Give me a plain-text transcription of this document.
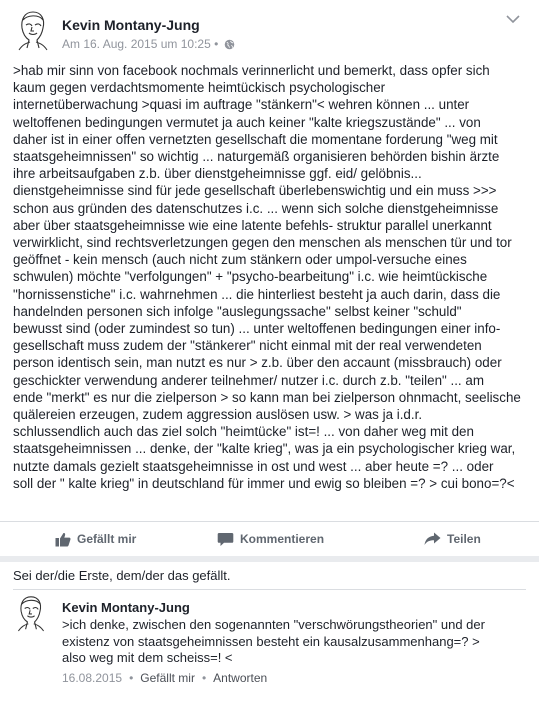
Kevin Montany-Jung
Am 16. Aug. 2015 um 10:25 •
>hab mir sinn von facebook nochmals verinnerlicht und bemerkt, dass opfer sich
kaum gegen verdachtsmomente heimtückisch psychologischer
internetüberwachung >quasi im auftrage "stänkern"< wehren können ... unter
weltoffenen bedingungen vermutet ja auch keiner "kalte kriegszustände" ... von
daher ist in einer offen vernetzten gesellschaft die momentane forderung "weg mit
staatsgeheimnissen" so wichtig ... naturgemäß organisieren behörden bishin ärzte
ihre arbeitsaufgaben z.b. über dienstgeheimnisse ggf. eid/ gelöbnis...
dienstgeheimnisse sind für jede gesellschaft überlebenswichtig und ein muss >>>
schon aus gründen des datenschutzes i.c. ... wenn sich solche dienstgeheimnisse
aber über staatsgeheimnisse wie eine latente befehls- struktur parallel unerkannt
verwirklicht, sind rechtsverletzungen gegen den menschen als menschen tür und tor
geöffnet - kein mensch (auch nicht zum stänkern oder umpol-versuche eines
schwulen) möchte "verfolgungen" + "psycho-bearbeitung" i.c. wie heimtückische
"hornissenstiche" i.c. wahrnehmen ... die hinterliest besteht ja auch darin, dass die
handelnden personen sich infolge "auslegungssache" selbst keiner "schuld"
bewusst sind (oder zumindest so tun) ... unter weltoffenen bedingungen einer info-
gesellschaft muss zudem der "stänkerer" nicht einmal mit der real verwendeten
person identisch sein, man nutzt es nur > z.b. über den accaunt (missbrauch) oder
geschickter verwendung anderer teilnehmer/ nutzer i.c. durch z.b. "teilen" ... am
ende "merkt" es nur die zielperson > so kann man bei zielperson ohnmacht, seelische
quälereien erzeugen, zudem aggression auslösen usw. > was ja i.d.r.
schlussendlich auch das ziel solch "heimtücke" ist=! ... von daher weg mit den
staatsgeheimnissen ... denke, der "kalte krieg", was ja ein psychologischer krieg war,
nutzte damals gezielt staatsgeheimnisse in ost und west ... aber heute =? ... oder
soll der " kalte krieg" in deutschland für immer und ewig so bleiben =? > cui bono=?<
Gefällt mir	Kommentieren	Teilen
Sei der/die Erste, dem/der das gefällt.
Kevin Montany-Jung
>ich denke, zwischen den sogenannten "verschwörungstheorien" und der
existenz von staatsgeheimnissen besteht ein kausalzusammenhang=? >
also weg mit dem scheiss=! <
16.08.2015 • Gefällt mir • Antworten
